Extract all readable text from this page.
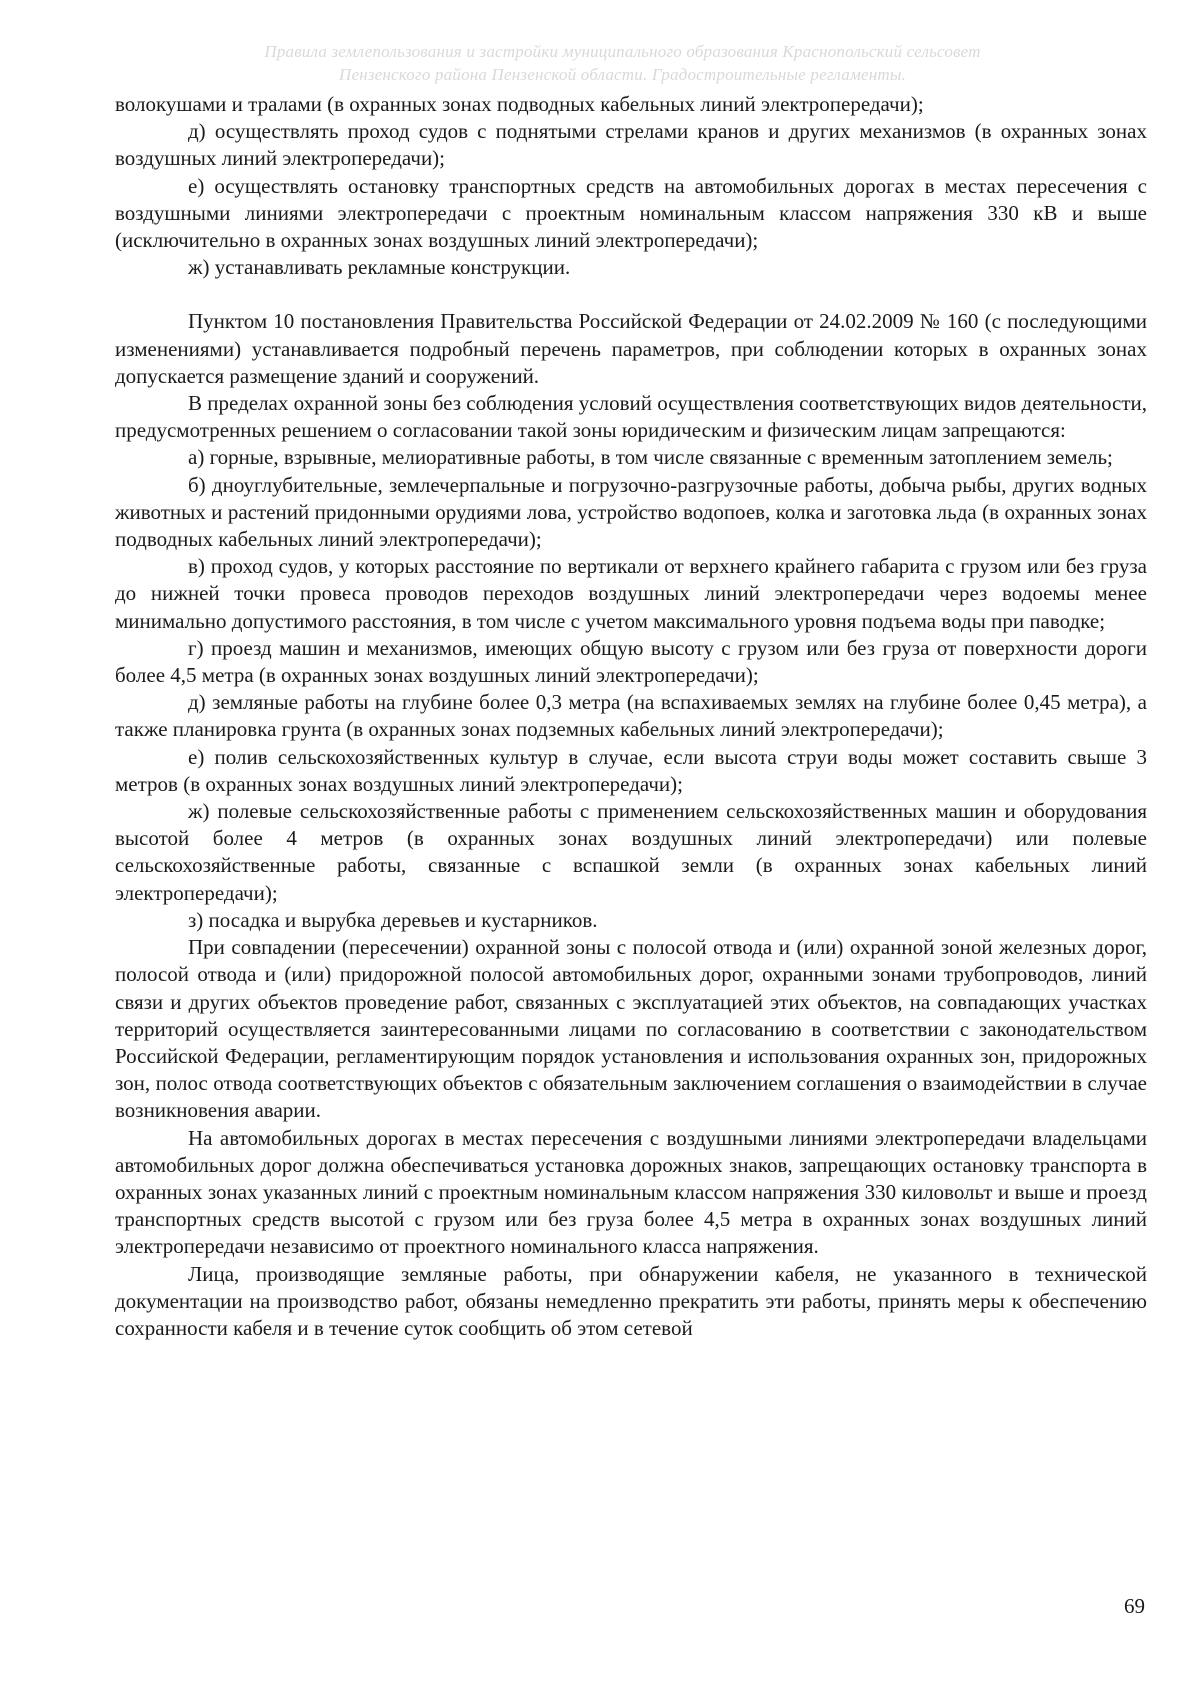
Правила землепользования и застройки муниципального образования Краснопольский сельсовет
Пензенского района Пензенской области. Градостроительные регламенты.

волокушами и тралами (в охранных зонах подводных кабельных линий электропередачи);

д) осуществлять проход судов с поднятыми стрелами кранов и других механизмов (в охранных зонах воздушных линий электропередачи);

е) осуществлять остановку транспортных средств на автомобильных дорогах в местах пересечения с воздушными линиями электропередачи с проектным номинальным классом напряжения 330 кВ и выше (исключительно в охранных зонах воздушных линий электропередачи);

ж) устанавливать рекламные конструкции.

Пунктом 10 постановления Правительства Российской Федерации от 24.02.2009 № 160 (с последующими изменениями) устанавливается подробный перечень параметров, при соблюдении которых в охранных зонах допускается размещение зданий и сооружений.

В пределах охранной зоны без соблюдения условий осуществления соответствующих видов деятельности, предусмотренных решением о согласовании такой зоны юридическим и физическим лицам запрещаются:

а) горные, взрывные, мелиоративные работы, в том числе связанные с временным затоплением земель;

б) дноуглубительные, землечерпальные и погрузочно-разгрузочные работы, добыча рыбы, других водных животных и растений придонными орудиями лова, устройство водопоев, колка и заготовка льда (в охранных зонах подводных кабельных линий электропередачи);

в) проход судов, у которых расстояние по вертикали от верхнего крайнего габарита с грузом или без груза до нижней точки провеса проводов переходов воздушных линий электропередачи через водоемы менее минимально допустимого расстояния, в том числе с учетом максимального уровня подъема воды при паводке;

г) проезд машин и механизмов, имеющих общую высоту с грузом или без груза от поверхности дороги более 4,5 метра (в охранных зонах воздушных линий электропередачи);

д) земляные работы на глубине более 0,3 метра (на вспахиваемых землях на глубине более 0,45 метра), а также планировка грунта (в охранных зонах подземных кабельных линий электропередачи);

е) полив сельскохозяйственных культур в случае, если высота струи воды может составить свыше 3 метров (в охранных зонах воздушных линий электропередачи);

ж) полевые сельскохозяйственные работы с применением сельскохозяйственных машин и оборудования высотой более 4 метров (в охранных зонах воздушных линий электропередачи) или полевые сельскохозяйственные работы, связанные с вспашкой земли (в охранных зонах кабельных линий электропередачи);

з) посадка и вырубка деревьев и кустарников.

При совпадении (пересечении) охранной зоны с полосой отвода и (или) охранной зоной железных дорог, полосой отвода и (или) придорожной полосой автомобильных дорог, охранными зонами трубопроводов, линий связи и других объектов проведение работ, связанных с эксплуатацией этих объектов, на совпадающих участках территорий осуществляется заинтересованными лицами по согласованию в соответствии с законодательством Российской Федерации, регламентирующим порядок установления и использования охранных зон, придорожных зон, полос отвода соответствующих объектов с обязательным заключением соглашения о взаимодействии в случае возникновения аварии.

На автомобильных дорогах в местах пересечения с воздушными линиями электропередачи владельцами автомобильных дорог должна обеспечиваться установка дорожных знаков, запрещающих остановку транспорта в охранных зонах указанных линий с проектным номинальным классом напряжения 330 киловольт и выше и проезд транспортных средств высотой с грузом или без груза более 4,5 метра в охранных зонах воздушных линий электропередачи независимо от проектного номинального класса напряжения.

Лица, производящие земляные работы, при обнаружении кабеля, не указанного в технической документации на производство работ, обязаны немедленно прекратить эти работы, принять меры к обеспечению сохранности кабеля и в течение суток сообщить об этом сетевой

69
